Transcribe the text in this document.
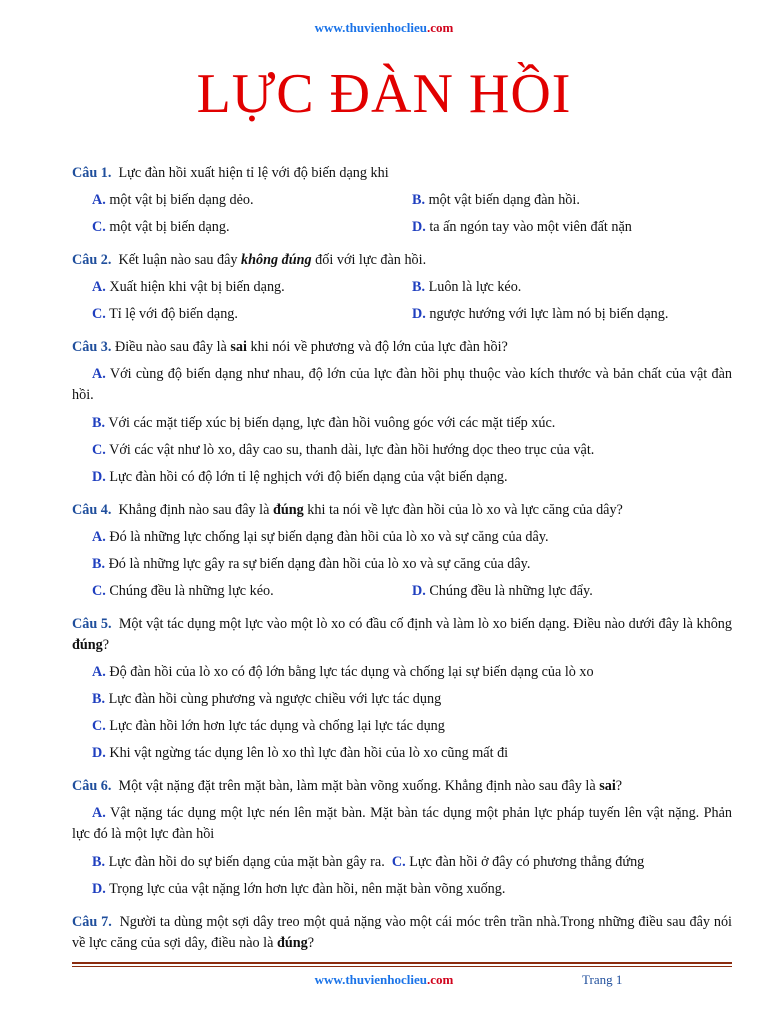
www.thuvienhoclieu.com
LỰC ĐÀN HỒI
Câu 1. Lực đàn hồi xuất hiện tỉ lệ với độ biến dạng khi
A. một vật bị biến dạng dẻo.	B. một vật biến dạng đàn hồi.
C. một vật bị biến dạng.	D. ta ấn ngón tay vào một viên đất nặn
Câu 2. Kết luận nào sau đây không đúng đối với lực đàn hồi.
A. Xuất hiện khi vật bị biến dạng.	B. Luôn là lực kéo.
C. Tỉ lệ với độ biến dạng.	D. ngược hướng với lực làm nó bị biến dạng.
Câu 3. Điều nào sau đây là sai khi nói về phương và độ lớn của lực đàn hồi?
A. Với cùng độ biến dạng như nhau, độ lớn của lực đàn hồi phụ thuộc vào kích thước và bản chất của vật đàn hồi.
B. Với các mặt tiếp xúc bị biến dạng, lực đàn hồi vuông góc với các mặt tiếp xúc.
C. Với các vật như lò xo, dây cao su, thanh dài, lực đàn hồi hướng dọc theo trục của vật.
D. Lực đàn hồi có độ lớn tỉ lệ nghịch với độ biến dạng của vật biến dạng.
Câu 4. Khẳng định nào sau đây là đúng khi ta nói về lực đàn hồi của lò xo và lực căng của dây?
A. Đó là những lực chống lại sự biến dạng đàn hồi của lò xo và sự căng của dây.
B. Đó là những lực gây ra sự biến dạng đàn hồi của lò xo và sự căng của dây.
C. Chúng đều là những lực kéo.	D. Chúng đều là những lực đẩy.
Câu 5. Một vật tác dụng một lực vào một lò xo có đầu cố định và làm lò xo biến dạng. Điều nào dưới đây là không đúng?
A. Độ đàn hồi của lò xo có độ lớn bằng lực tác dụng và chống lại sự biến dạng của lò xo
B. Lực đàn hồi cùng phương và ngược chiều với lực tác dụng
C. Lực đàn hồi lớn hơn lực tác dụng và chống lại lực tác dụng
D. Khi vật ngừng tác dụng lên lò xo thì lực đàn hồi của lò xo cũng mất đi
Câu 6. Một vật nặng đặt trên mặt bàn, làm mặt bàn võng xuống. Khẳng định nào sau đây là sai?
A. Vật nặng tác dụng một lực nén lên mặt bàn. Mặt bàn tác dụng một phản lực pháp tuyến lên vật nặng. Phản lực đó là một lực đàn hồi
B. Lực đàn hồi do sự biến dạng của mặt bàn gây ra. C. Lực đàn hồi ở đây có phương thẳng đứng
D. Trọng lực của vật nặng lớn hơn lực đàn hồi, nên mặt bàn võng xuống.
Câu 7. Người ta dùng một sợi dây treo một quả nặng vào một cái móc trên trần nhà.Trong những điều sau đây nói về lực căng của sợi dây, điều nào là đúng?
www.thuvienhoclieu.com	Trang 1
